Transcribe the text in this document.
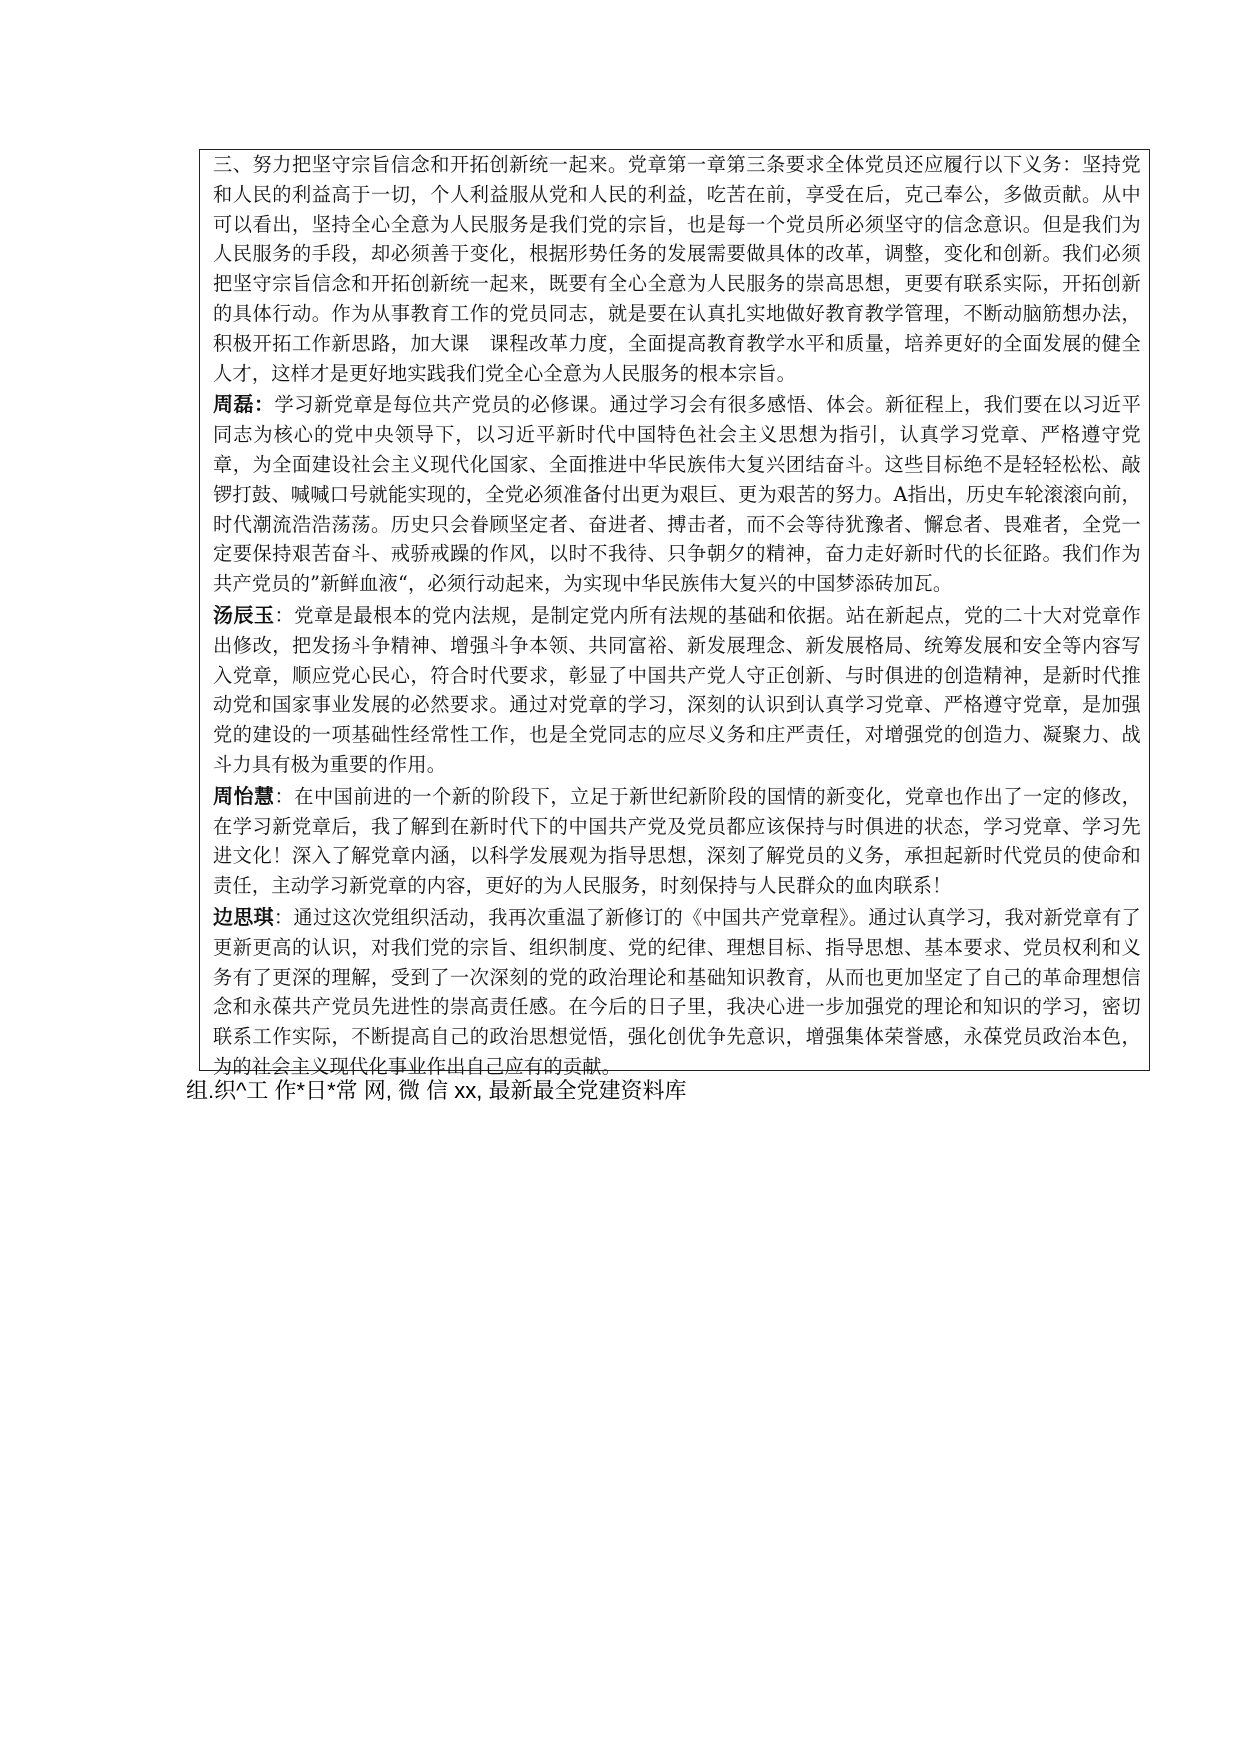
三、努力把坚守宗旨信念和开拓创新统一起来。党章第一章第三条要求全体党员还应履行以下义务：坚持党和人民的利益高于一切，个人利益服从党和人民的利益，吃苦在前，享受在后，克己奉公，多做贡献。从中可以看出，坚持全心全意为人民服务是我们党的宗旨，也是每一个党员所必须坚守的信念意识。但是我们为人民服务的手段，却必须善于变化，根据形势任务的发展需要做具体的改革，调整，变化和创新。我们必须把坚守宗旨信念和开拓创新统一起来，既要有全心全意为人民服务的崇高思想，更要有联系实际，开拓创新的具体行动。作为从事教育工作的党员同志，就是要在认真扎实地做好教育教学管理，不断动脑筋想办法，积极开拓工作新思路，加大课　课程改革力度，全面提高教育教学水平和质量，培养更好的全面发展的健全人才，这样才是更好地实践我们党全心全意为人民服务的根本宗旨。

周磊：学习新党章是每位共产党员的必修课。通过学习会有很多感悟、体会。新征程上，我们要在以习近平同志为核心的党中央领导下，以习近平新时代中国特色社会主义思想为指引，认真学习党章、严格遵守党章，为全面建设社会主义现代化国家、全面推进中华民族伟大复兴团结奋斗。这些目标绝不是轻轻松松、敲锣打鼓、喊喊口号就能实现的，全党必须准备付出更为艰巨、更为艰苦的努力。A指出，历史车轮滚滚向前，时代潮流浩浩荡荡。历史只会眷顾坚定者、奋进者、搏击者，而不会等待犹豫者、懈怠者、畏难者，全党一定要保持艰苦奋斗、戒骄戒躁的作风，以时不我待、只争朝夕的精神，奋力走好新时代的长征路。我们作为共产党员的”新鲜血液“，必须行动起来，为实现中华民族伟大复兴的中国梦添砖加瓦。

汤辰玉：党章是最根本的党内法规，是制定党内所有法规的基础和依据。站在新起点，党的二十大对党章作出修改，把发扬斗争精神、增强斗争本领、共同富裕、新发展理念、新发展格局、统筹发展和安全等内容写入党章，顺应党心民心，符合时代要求，彰显了中国共产党人守正创新、与时俱进的创造精神，是新时代推动党和国家事业发展的必然要求。通过对党章的学习，深刻的认识到认真学习党章、严格遵守党章，是加强党的建设的一项基础性经常性工作，也是全党同志的应尽义务和庄严责任，对增强党的创造力、凝聚力、战斗力具有极为重要的作用。

周怡慧：在中国前进的一个新的阶段下，立足于新世纪新阶段的国情的新变化，党章也作出了一定的修改，在学习新党章后，我了解到在新时代下的中国共产党及党员都应该保持与时俱进的状态，学习党章、学习先进文化！深入了解党章内涵，以科学发展观为指导思想，深刻了解党员的义务，承担起新时代党员的使命和责任，主动学习新党章的内容，更好的为人民服务，时刻保持与人民群众的血肉联系！

边思琪：通过这次党组织活动，我再次重温了新修订的《中国共产党章程》。通过认真学习，我对新党章有了更新更高的认识，对我们党的宗旨、组织制度、党的纪律、理想目标、指导思想、基本要求、党员权利和义务有了更深的理解，受到了一次深刻的党的政治理论和基础知识教育，从而也更加坚定了自己的革命理想信念和永葆共产党员先进性的崇高责任感。在今后的日子里，我决心进一步加强党的理论和知识的学习，密切联系工作实际，不断提高自己的政治思想觉悟，强化创优争先意识，增强集体荣誉感，永葆党员政治本色，为的社会主义现代化事业作出自己应有的贡献。

组.织^工 作*日*常 网, 微 信 xx, 最新最全党建资料库
